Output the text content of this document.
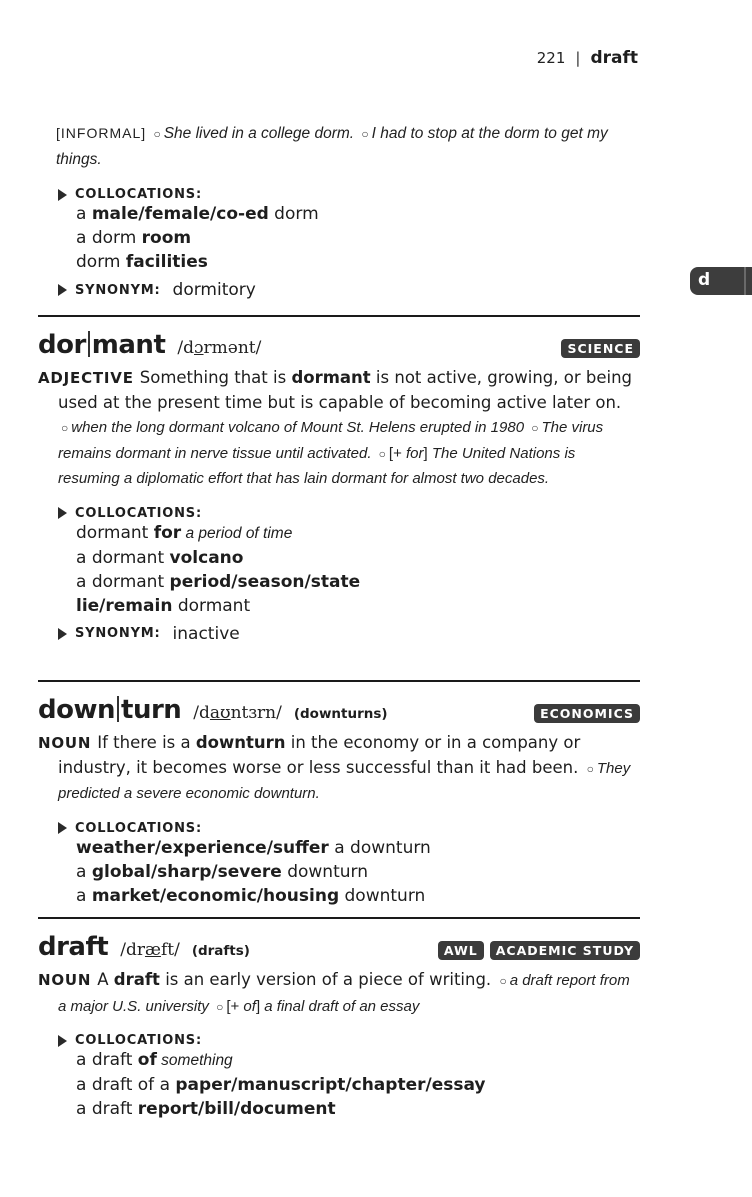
221 | draft
d
[INFORMAL] ○ She lived in a college dorm. ○ I had to stop at the dorm to get my things.
COLLOCATIONS:
a male/female/co-ed dorm
a dorm room
dorm facilities
SYNONYM: dormitory
dor mant /dɔrmənt/	SCIENCE
ADJECTIVE Something that is dormant is not active, growing, or being used at the present time but is capable of becoming active later on. ○ when the long dormant volcano of Mount St. Helens erupted in 1980 ○ The virus remains dormant in nerve tissue until activated. ○ [+ for] The United Nations is resuming a diplomatic effort that has lain dormant for almost two decades.
COLLOCATIONS:
dormant for a period of time
a dormant volcano
a dormant period/season/state
lie/remain dormant
SYNONYM: inactive
down turn /daʊntɜrn/ (downturns)	ECONOMICS
NOUN If there is a downturn in the economy or in a company or industry, it becomes worse or less successful than it had been. ○ They predicted a severe economic downturn.
COLLOCATIONS:
weather/experience/suffer a downturn
a global/sharp/severe downturn
a market/economic/housing downturn
draft /dræft/ (drafts)	AWL	ACADEMIC STUDY
NOUN A draft is an early version of a piece of writing. ○ a draft report from a major U.S. university ○ [+ of] a final draft of an essay
COLLOCATIONS:
a draft of something
a draft of a paper/manuscript/chapter/essay
a draft report/bill/document
